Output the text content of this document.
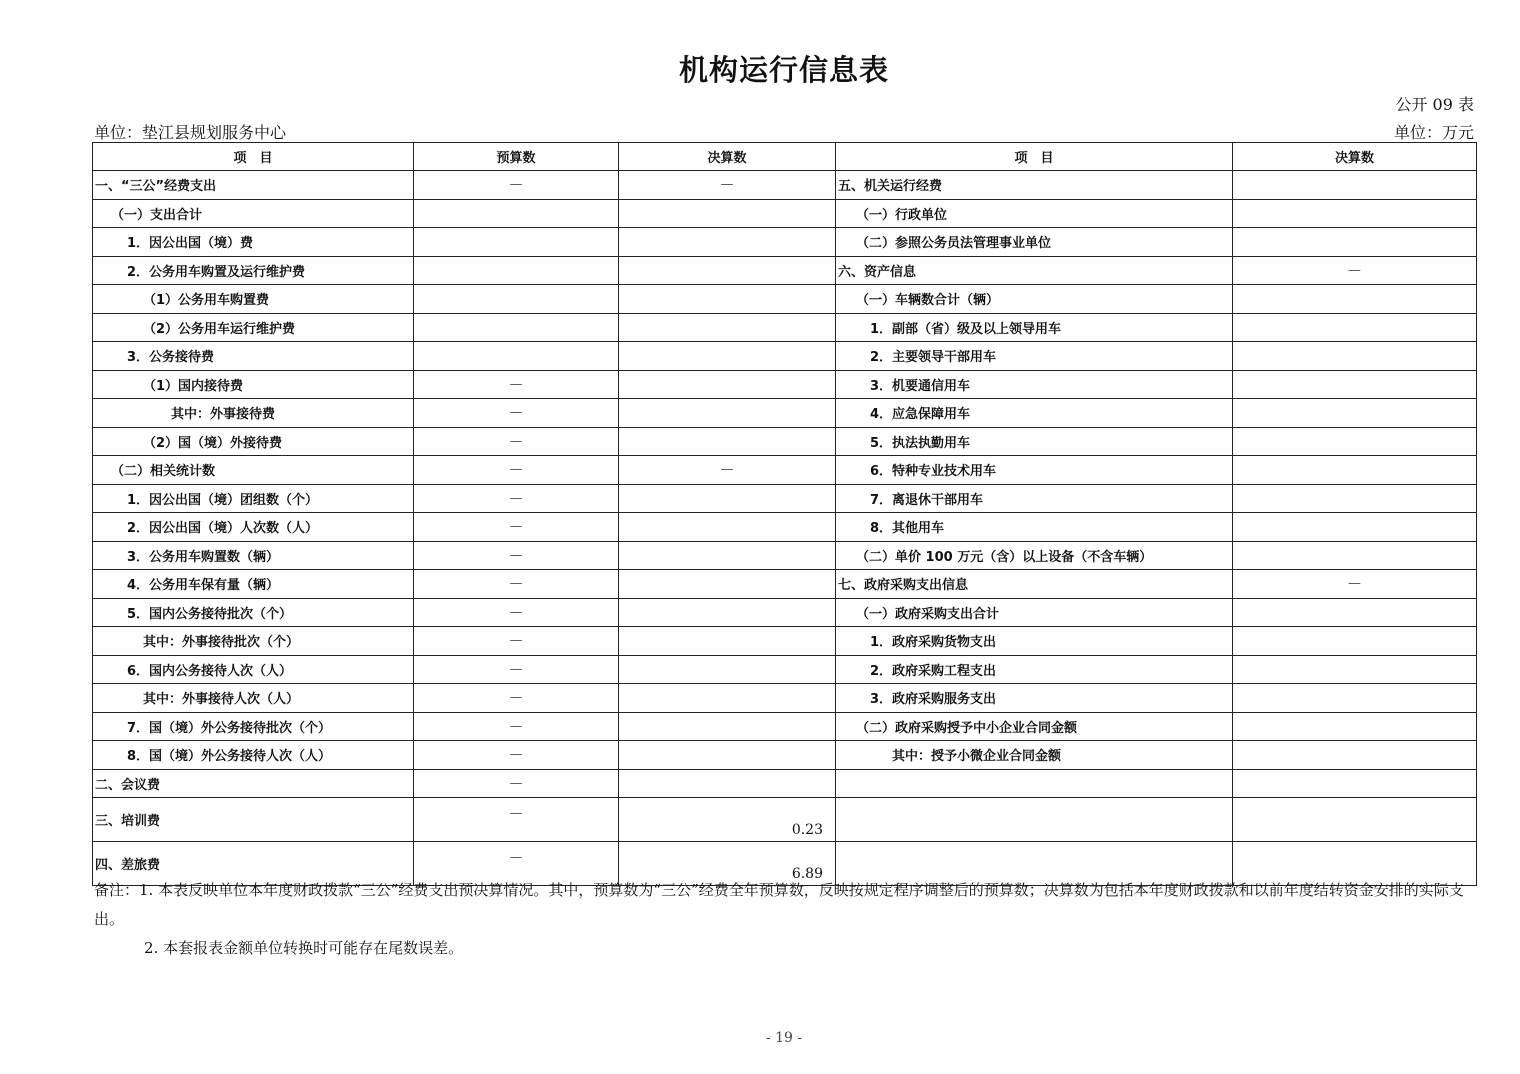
机构运行信息表
公开 09 表
单位：垫江县规划服务中心	单位：万元
项　目	预算数	决算数	项　目	决算数
一、“三公”经费支出	—	—	五、机关运行经费	
（一）支出合计			（一）行政单位	
1．因公出国（境）费			（二）参照公务员法管理事业单位	
2．公务用车购置及运行维护费			六、资产信息	—
（1）公务用车购置费			（一）车辆数合计（辆）	
（2）公务用车运行维护费			1．副部（省）级及以上领导用车	
3．公务接待费			2．主要领导干部用车	
（1）国内接待费	—		3．机要通信用车	
其中：外事接待费	—		4．应急保障用车	
（2）国（境）外接待费	—		5．执法执勤用车	
（二）相关统计数	—	—	6．特种专业技术用车	
1．因公出国（境）团组数（个）	—		7．离退休干部用车	
2．因公出国（境）人次数（人）	—		8．其他用车	
3．公务用车购置数（辆）	—		（二）单价 100 万元（含）以上设备（不含车辆）	
4．公务用车保有量（辆）	—		七、政府采购支出信息	—
5．国内公务接待批次（个）	—		（一）政府采购支出合计	
其中：外事接待批次（个）	—		1．政府采购货物支出	
6．国内公务接待人次（人）	—		2．政府采购工程支出	
其中：外事接待人次（人）	—		3．政府采购服务支出	
7．国（境）外公务接待批次（个）	—		（二）政府采购授予中小企业合同金额	
8．国（境）外公务接待人次（人）	—		其中：授予小微企业合同金额	
二、会议费	—			
三、培训费	—	0.23		
四、差旅费	—	6.89		
备注：1. 本表反映单位本年度财政拨款“三公”经费支出预决算情况。其中，预算数为“三公”经费全年预算数，反映按规定程序调整后的预算数；决算数为包括本年度财政拨款和以前年度结转资金安排的实际支出。
2. 本套报表金额单位转换时可能存在尾数误差。
- 19 -
